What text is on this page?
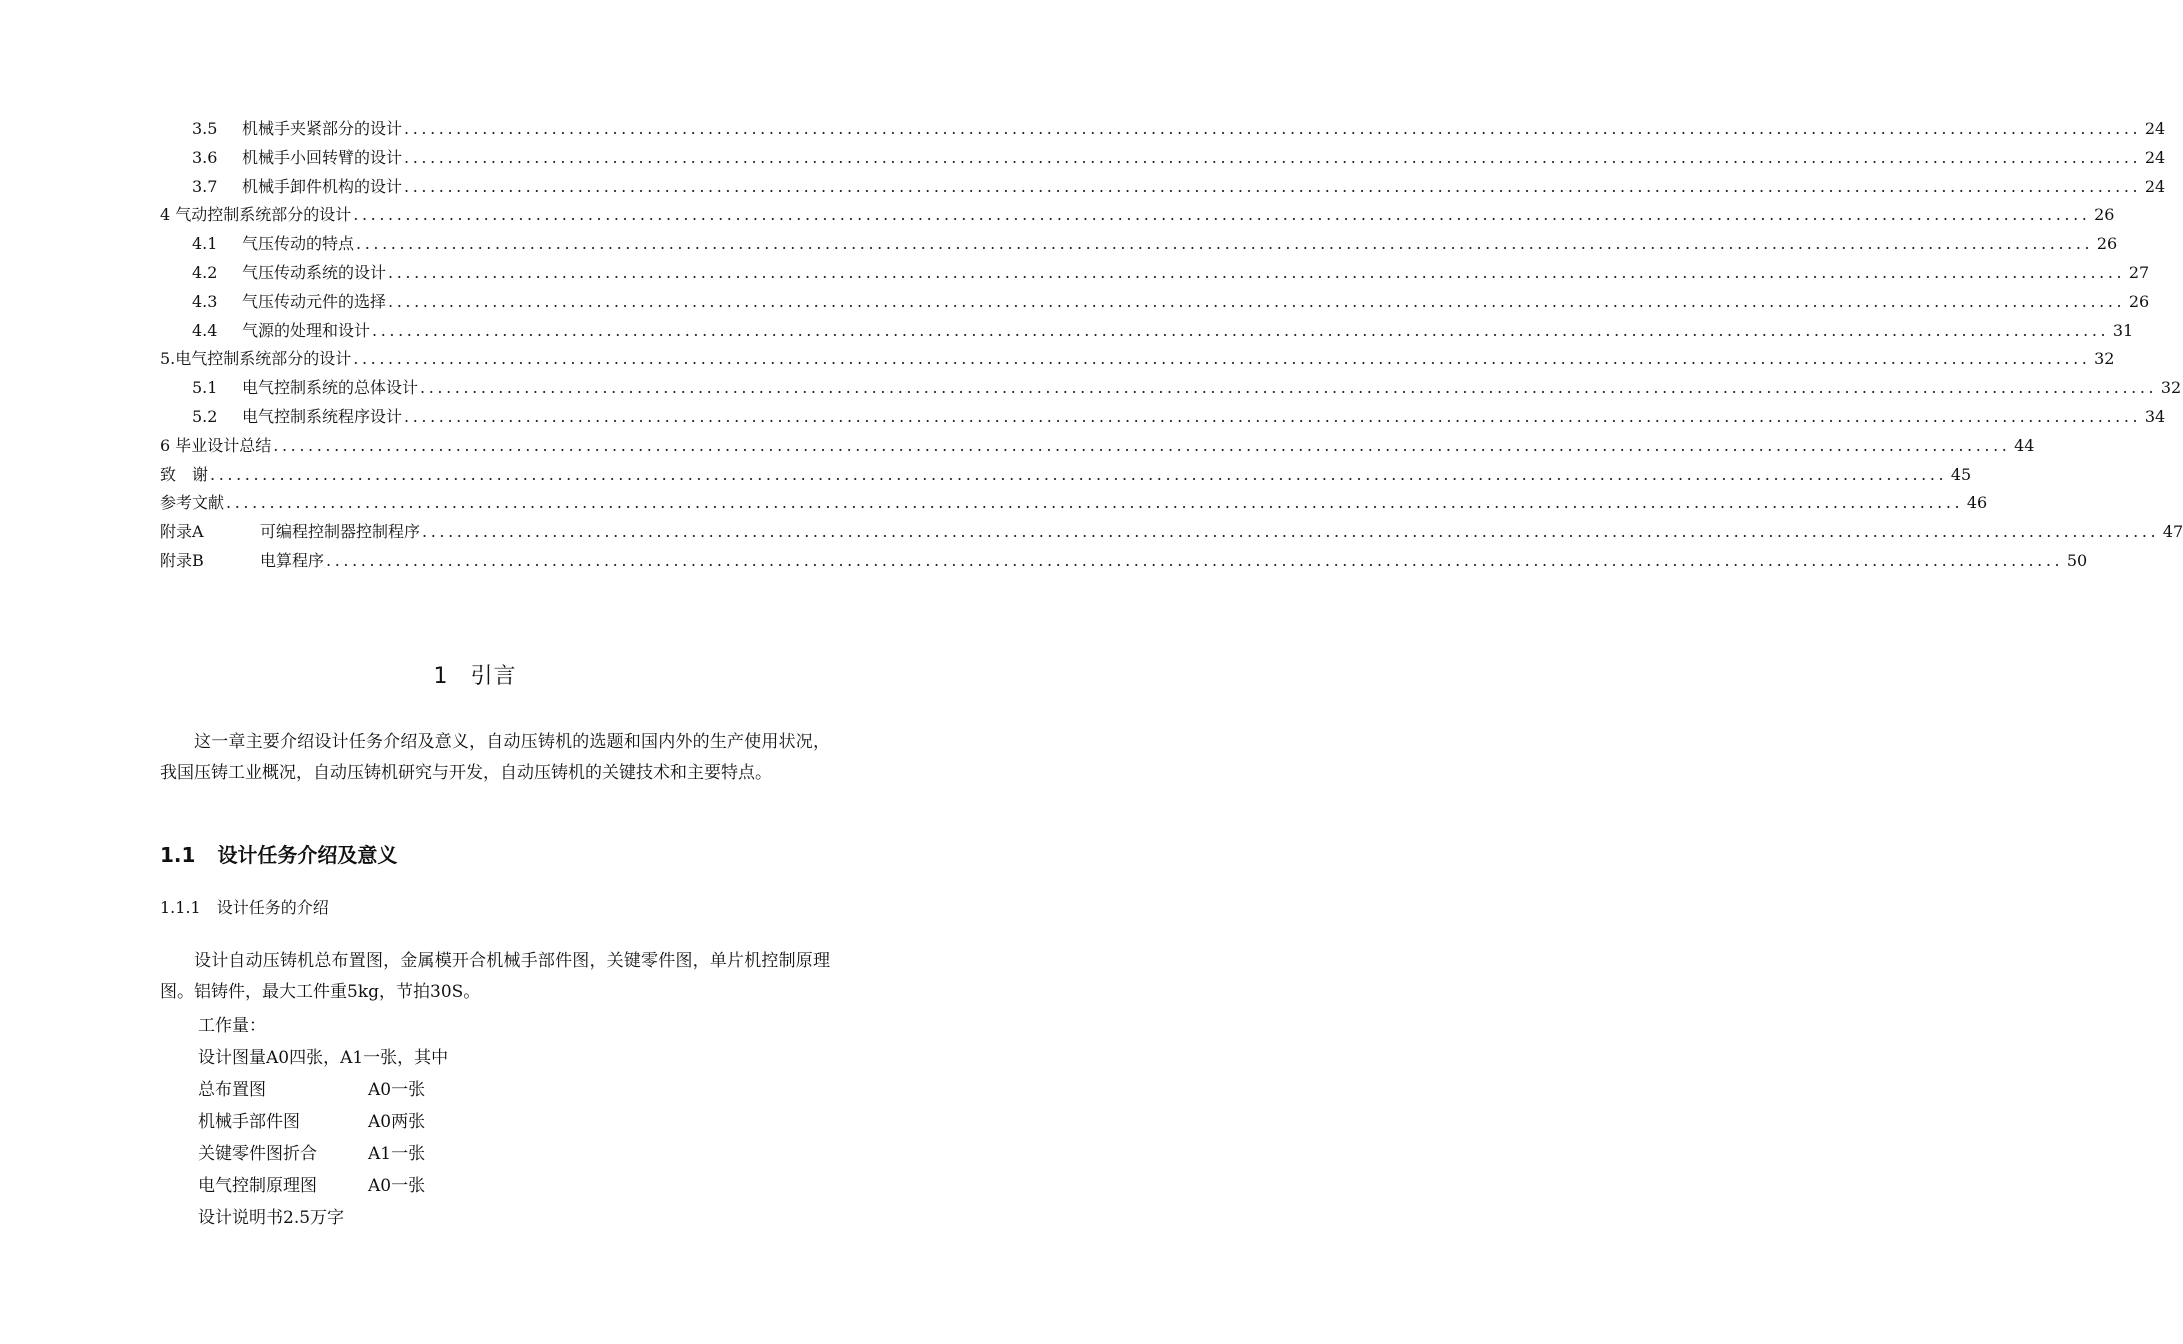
3.5 机械手夹紧部分的设计 ........................................................................................................................................................................................................ 24
3.6 机械手小回转臂的设计 ........................................................................................................................................................................................................ 24
3.7 机械手卸件机构的设计 ........................................................................................................................................................................................................ 24
4 气动控制系统部分的设计 ........................................................................................................................................................................................................ 26
4.1 气压传动的特点 ........................................................................................................................................................................................................ 26
4.2 气压传动系统的设计 ........................................................................................................................................................................................................ 27
4.3 气压传动元件的选择 ........................................................................................................................................................................................................ 26
4.4 气源的处理和设计 ........................................................................................................................................................................................................ 31
5.电气控制系统部分的设计 ........................................................................................................................................................................................................ 32
5.1 电气控制系统的总体设计 ........................................................................................................................................................................................................ 32
5.2 电气控制系统程序设计 ........................................................................................................................................................................................................ 34
6 毕业设计总结 ........................................................................................................................................................................................................ 44
致　谢 ........................................................................................................................................................................................................ 45
参考文献 ........................................................................................................................................................................................................ 46
附录A	可编程控制器控制程序 ........................................................................................................................................................................................................ 47
附录B	电算程序 ........................................................................................................................................................................................................ 50
1 引言
这一章主要介绍设计任务介绍及意义，自动压铸机的选题和国内外的生产使用状况，我国压铸工业概况，自动压铸机研究与开发，自动压铸机的关键技术和主要特点。
1.1 设计任务介绍及意义
1.1.1 设计任务的介绍
设计自动压铸机总布置图，金属模开合机械手部件图，关键零件图，单片机控制原理图。铝铸件，最大工件重5kg，节拍30S。
工作量：
设计图量A0四张，A1一张，其中
总布置图	A0一张
机械手部件图	A0两张
关键零件图折合	A1一张
电气控制原理图	A0一张
设计说明书2.5万字
